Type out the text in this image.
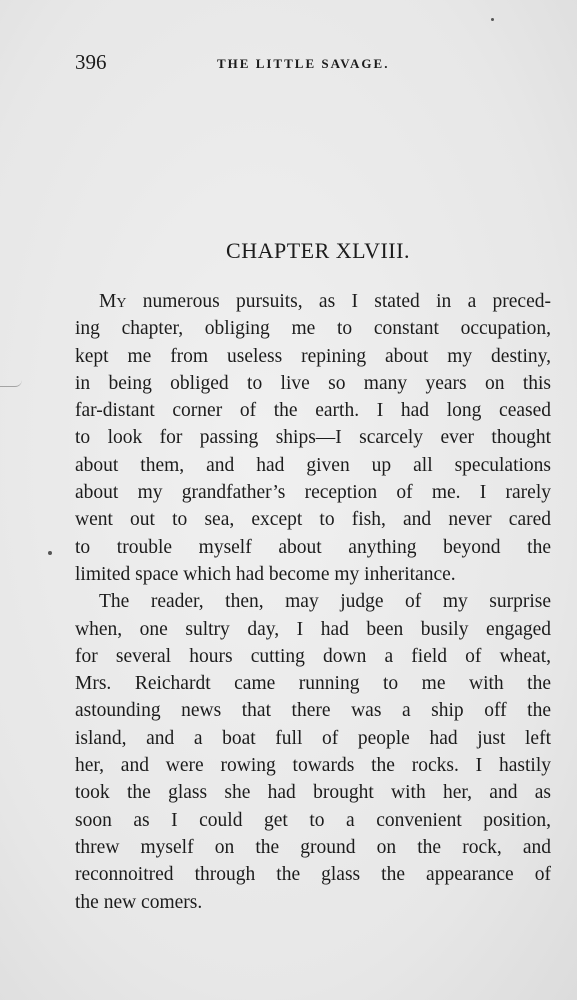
396	THE LITTLE SAVAGE.
CHAPTER XLVIII.
My numerous pursuits, as I stated in a preced-
ing chapter, obliging me to constant occupation,
kept me from useless repining about my destiny,
in being obliged to live so many years on this
far-distant corner of the earth. I had long ceased
to look for passing ships—I scarcely ever thought
about them, and had given up all speculations
about my grandfather’s reception of me. I rarely
went out to sea, except to fish, and never cared
to trouble myself about anything beyond the
limited space which had become my inheritance.
The reader, then, may judge of my surprise
when, one sultry day, I had been busily engaged
for several hours cutting down a field of wheat,
Mrs. Reichardt came running to me with the
astounding news that there was a ship off the
island, and a boat full of people had just left
her, and were rowing towards the rocks. I hastily
took the glass she had brought with her, and as
soon as I could get to a convenient position,
threw myself on the ground on the rock, and
reconnoitred through the glass the appearance of
the new comers.
